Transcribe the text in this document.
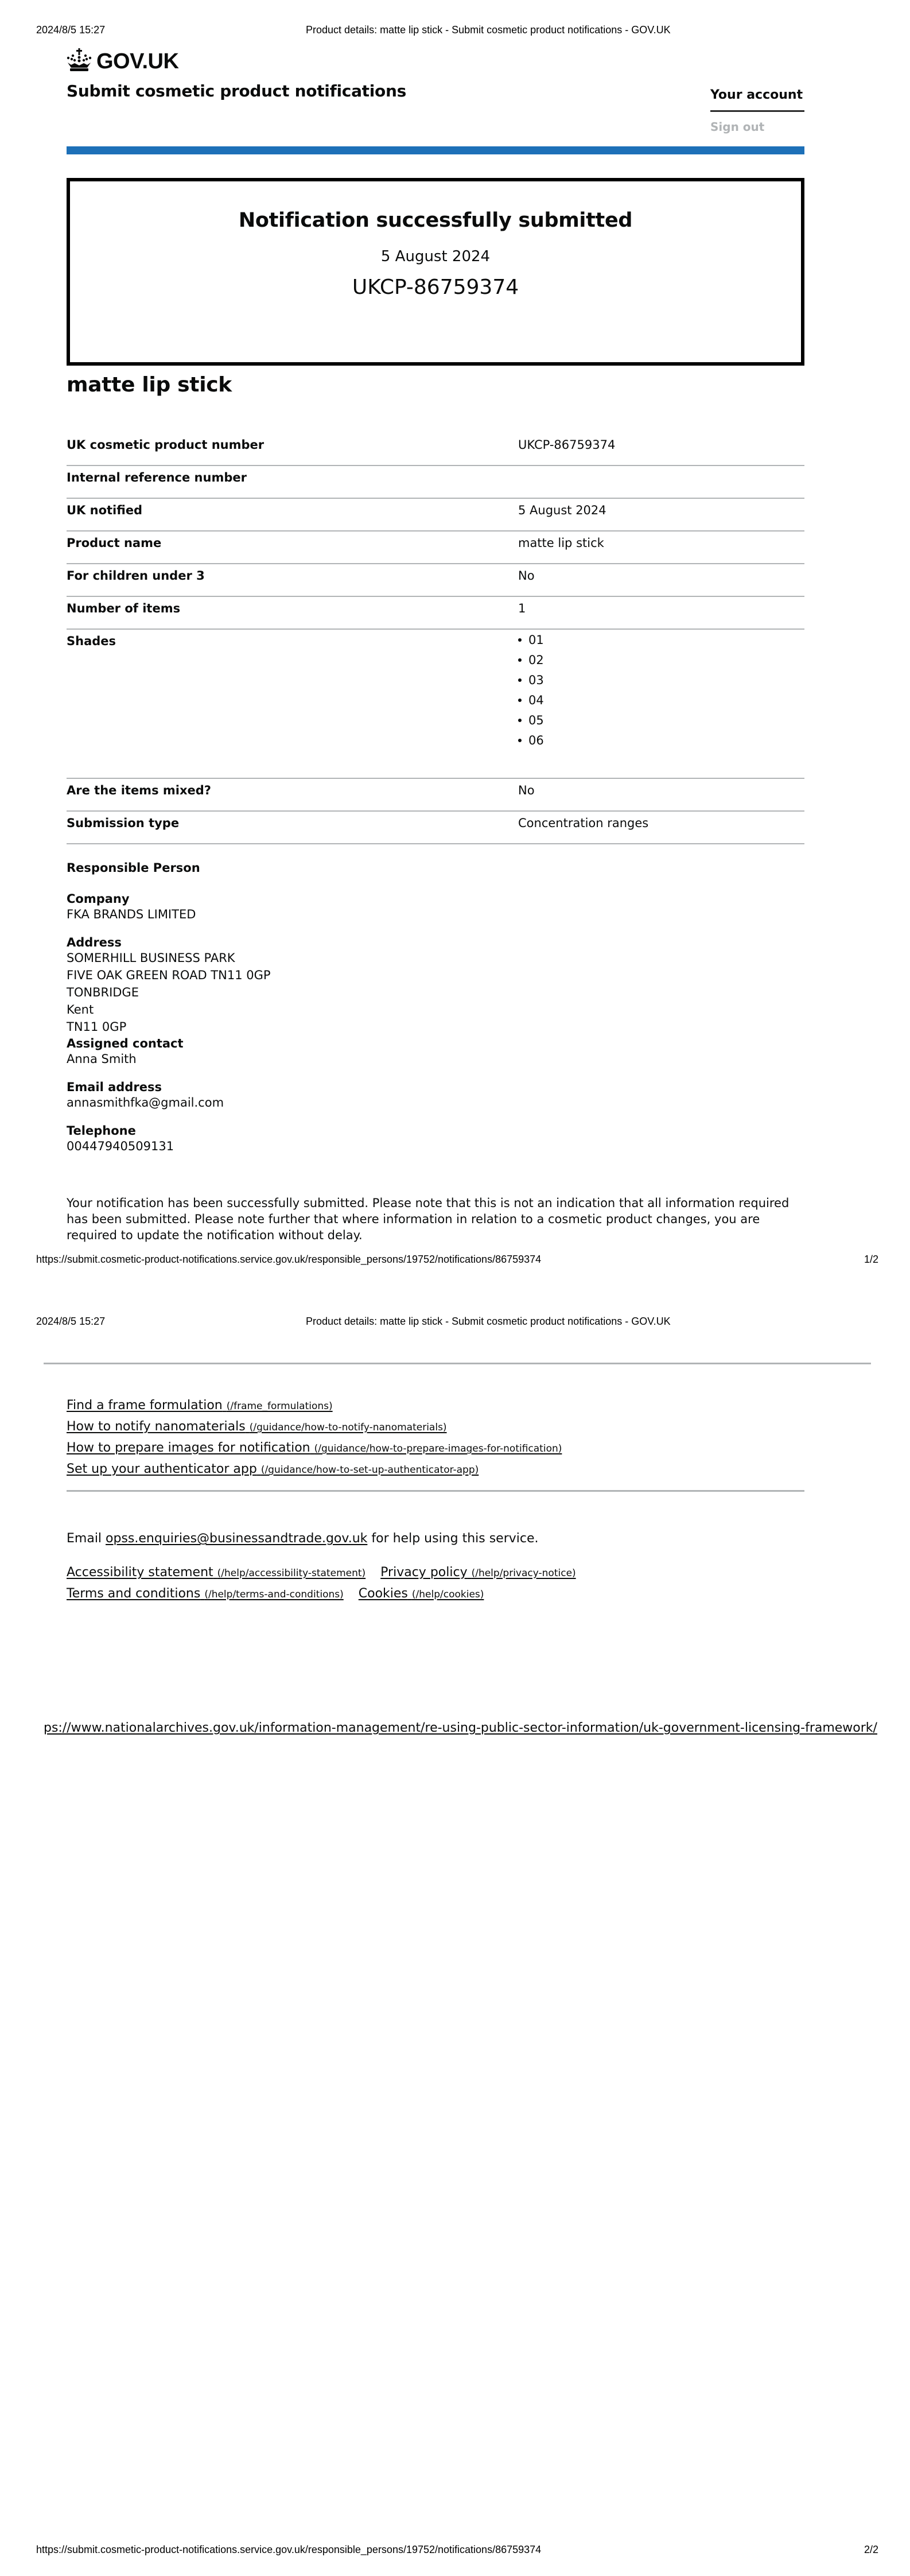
2024/8/5 15:27	Product details: matte lip stick - Submit cosmetic product notifications - GOV.UK
GOV.UK
Submit cosmetic product notifications	Your account
Sign out
Notification successfully submitted
5 August 2024
UKCP-86759374
matte lip stick
UK cosmetic product number	UKCP-86759374
Internal reference number
UK notified	5 August 2024
Product name	matte lip stick
For children under 3	No
Number of items	1
Shades	01
02
03
04
05
06
Are the items mixed?	No
Submission type	Concentration ranges
Responsible Person
Company
FKA BRANDS LIMITED
Address
SOMERHILL BUSINESS PARK
FIVE OAK GREEN ROAD TN11 0GP
TONBRIDGE
Kent
TN11 0GP
Assigned contact
Anna Smith
Email address
annasmithfka@gmail.com
Telephone
00447940509131

Your notification has been successfully submitted. Please note that this is not an indication that all information required has been submitted. Please note further that where information in relation to a cosmetic product changes, you are required to update the notification without delay.

https://submit.cosmetic-product-notifications.service.gov.uk/responsible_persons/19752/notifications/86759374	1/2
2024/8/5 15:27	Product details: matte lip stick - Submit cosmetic product notifications - GOV.UK
Find a frame formulation (/frame_formulations)
How to notify nanomaterials (/guidance/how-to-notify-nanomaterials)
How to prepare images for notification (/guidance/how-to-prepare-images-for-notification)
Set up your authenticator app (/guidance/how-to-set-up-authenticator-app)
Email opss.enquiries@businessandtrade.gov.uk for help using this service.
Accessibility statement (/help/accessibility-statement) Privacy policy (/help/privacy-notice)
Terms and conditions (/help/terms-and-conditions) Cookies (/help/cookies)
ps://www.nationalarchives.gov.uk/information-management/re-using-public-sector-information/uk-government-licensing-framework/
https://submit.cosmetic-product-notifications.service.gov.uk/responsible_persons/19752/notifications/86759374	2/2
